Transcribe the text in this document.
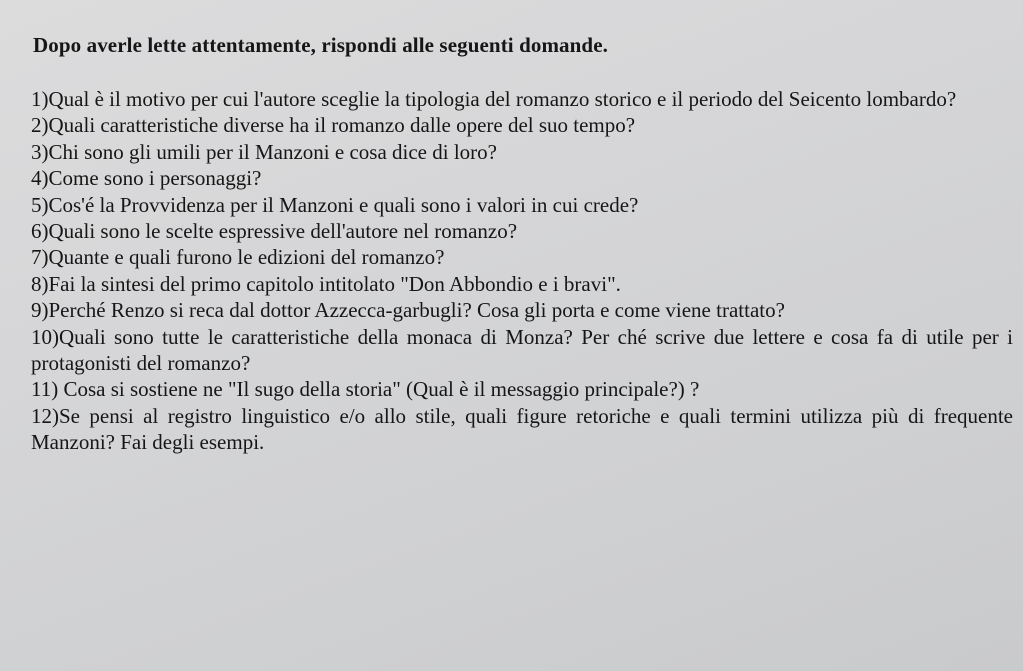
Dopo averle lette attentamente, rispondi alle seguenti domande.
1)Qual è il motivo per cui l'autore sceglie la tipologia del romanzo storico e il periodo del Seicento lombardo?
2)Quali caratteristiche diverse ha il romanzo dalle opere del suo tempo?
3)Chi sono gli umili per il Manzoni e cosa dice di loro?
4)Come sono i personaggi?
5)Cos'é la Provvidenza per il Manzoni e quali sono i valori in cui crede?
6)Quali sono le scelte espressive dell'autore nel romanzo?
7)Quante e quali furono le edizioni del romanzo?
8)Fai la sintesi del primo capitolo intitolato "Don Abbondio e i bravi".
9)Perché Renzo si reca dal dottor Azzecca-garbugli? Cosa gli porta e come viene trattato?
10)Quali sono tutte le caratteristiche della monaca di Monza? Per ché scrive due lettere e cosa fa di utile per i protagonisti del romanzo?
11) Cosa si sostiene ne "Il sugo della storia" (Qual è il messaggio principale?) ?
12)Se pensi al registro linguistico e/o allo stile, quali figure retoriche e quali termini utilizza più di frequente Manzoni? Fai degli esempi.
